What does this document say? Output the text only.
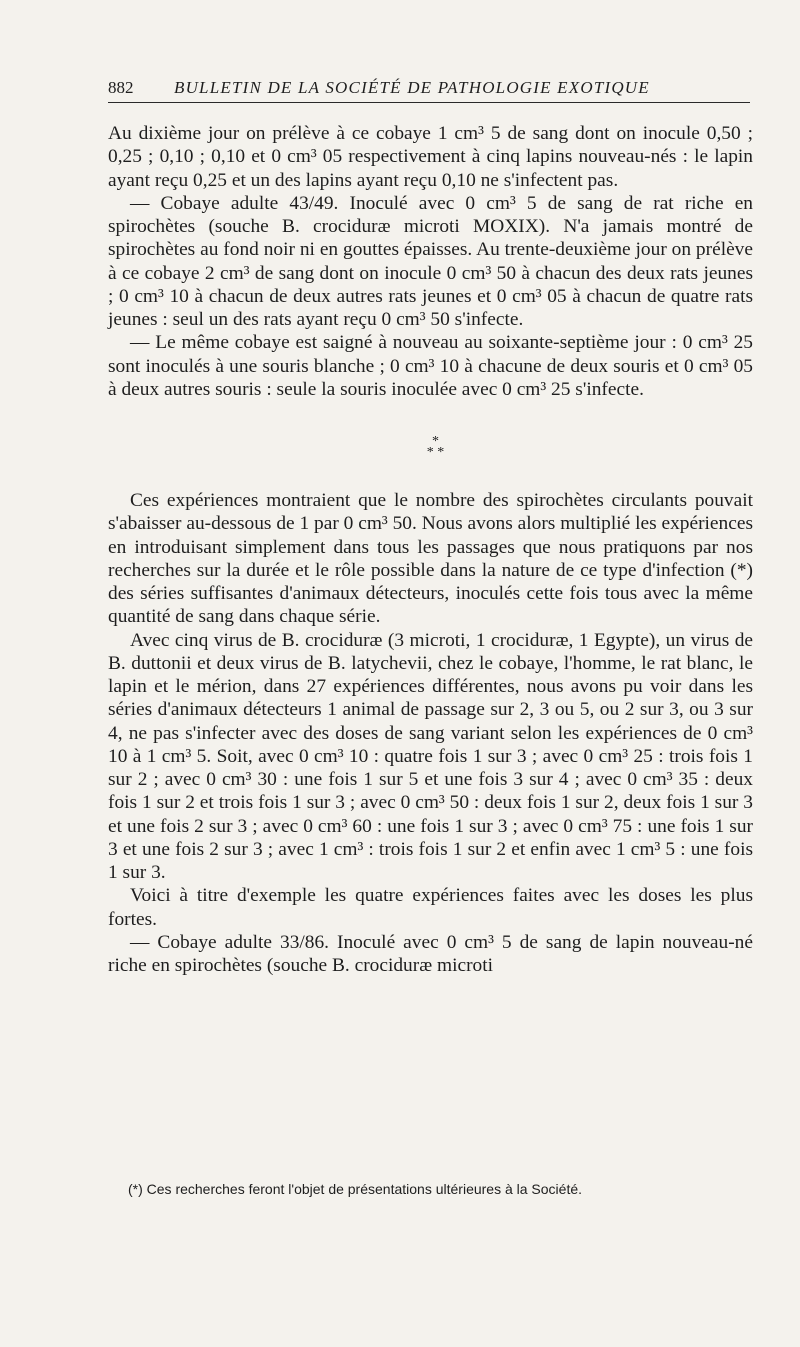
882 BULLETIN DE LA SOCIÉTÉ DE PATHOLOGIE EXOTIQUE

Au dixième jour on prélève à ce cobaye 1 cm³ 5 de sang dont on inocule 0,50 ; 0,25 ; 0,10 ; 0,10 et 0 cm³ 05 respectivement à cinq lapins nouveau-nés : le lapin ayant reçu 0,25 et un des lapins ayant reçu 0,10 ne s'infectent pas.

— Cobaye adulte 43/49. Inoculé avec 0 cm³ 5 de sang de rat riche en spirochètes (souche B. crociduræ microti MOXIX). N'a jamais montré de spirochètes au fond noir ni en gouttes épaisses. Au trente-deuxième jour on prélève à ce cobaye 2 cm³ de sang dont on inocule 0 cm³ 50 à chacun des deux rats jeunes ; 0 cm³ 10 à chacun de deux autres rats jeunes et 0 cm³ 05 à chacun de quatre rats jeunes : seul un des rats ayant reçu 0 cm³ 50 s'infecte.

— Le même cobaye est saigné à nouveau au soixante-septième jour : 0 cm³ 25 sont inoculés à une souris blanche ; 0 cm³ 10 à chacune de deux souris et 0 cm³ 05 à deux autres souris : seule la souris inoculée avec 0 cm³ 25 s'infecte.

*
* *

Ces expériences montraient que le nombre des spirochètes circulants pouvait s'abaisser au-dessous de 1 par 0 cm³ 50. Nous avons alors multiplié les expériences en introduisant simplement dans tous les passages que nous pratiquons par nos recherches sur la durée et le rôle possible dans la nature de ce type d'infection (*) des séries suffisantes d'animaux détecteurs, inoculés cette fois tous avec la même quantité de sang dans chaque série.

Avec cinq virus de B. crociduræ (3 microti, 1 crociduræ, 1 Egypte), un virus de B. duttonii et deux virus de B. latychevii, chez le cobaye, l'homme, le rat blanc, le lapin et le mérion, dans 27 expériences différentes, nous avons pu voir dans les séries d'animaux détecteurs 1 animal de passage sur 2, 3 ou 5, ou 2 sur 3, ou 3 sur 4, ne pas s'infecter avec des doses de sang variant selon les expériences de 0 cm³ 10 à 1 cm³ 5. Soit, avec 0 cm³ 10 : quatre fois 1 sur 3 ; avec 0 cm³ 25 : trois fois 1 sur 2 ; avec 0 cm³ 30 : une fois 1 sur 5 et une fois 3 sur 4 ; avec 0 cm³ 35 : deux fois 1 sur 2 et trois fois 1 sur 3 ; avec 0 cm³ 50 : deux fois 1 sur 2, deux fois 1 sur 3 et une fois 2 sur 3 ; avec 0 cm³ 60 : une fois 1 sur 3 ; avec 0 cm³ 75 : une fois 1 sur 3 et une fois 2 sur 3 ; avec 1 cm³ : trois fois 1 sur 2 et enfin avec 1 cm³ 5 : une fois 1 sur 3.

Voici à titre d'exemple les quatre expériences faites avec les doses les plus fortes.

— Cobaye adulte 33/86. Inoculé avec 0 cm³ 5 de sang de lapin nouveau-né riche en spirochètes (souche B. crociduræ microti

(*) Ces recherches feront l'objet de présentations ultérieures à la Société.
